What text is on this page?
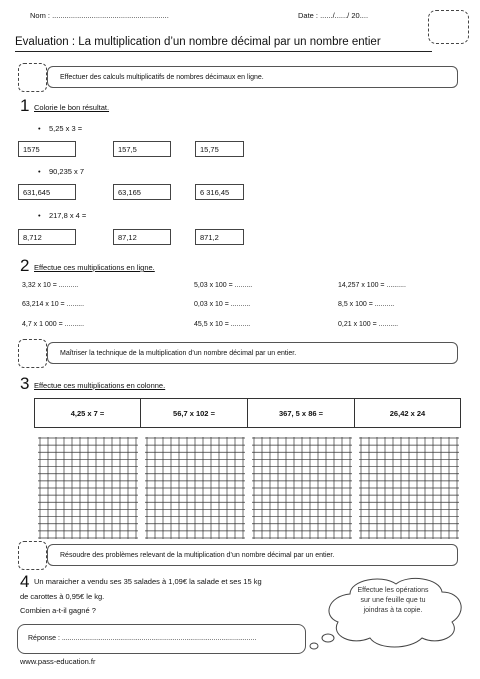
Nom : ........................................................	Date : ....../....../ 20....
Evaluation : La multiplication d’un nombre décimal par un nombre entier
Effectuer des calculs multiplicatifs de nombres décimaux en ligne.
1 Colorie le bon résultat.
•    5,25 x 3 =
1575	157,5	15,75
•    90,235 x 7
631,645	63,165	6 316,45
•    217,8 x 4 =
8,712	87,12	871,2
2 Effectue ces multiplications en ligne.
3,32 x 10 = ..........	5,03 x 100 = .........	14,257 x 100 = ..........
63,214 x 10 = .........	0,03 x 10 = ..........	8,5 x 100 = ..........
4,7 x 1 000 = ..........	45,5 x 10 = ..........	0,21 x 100 = ..........
Maîtriser la technique de la multiplication d’un nombre décimal par un entier.
3 Effectue ces multiplications en colonne.
4,25 x 7 =	56,7 x 102 =	367, 5 x 86 =	26,42 x 24
Résoudre des problèmes relevant de la multiplication d’un nombre décimal par un entier.
4 Un maraicher a vendu ses 35 salades à 1,09€ la salade et ses 15 kg
de carottes à 0,95€ le kg.
Combien a-t-il gagné ?
Effectue les opérations sur une feuille que tu joindras à ta copie.
Réponse : ....................................................................................................
www.pass-education.fr
